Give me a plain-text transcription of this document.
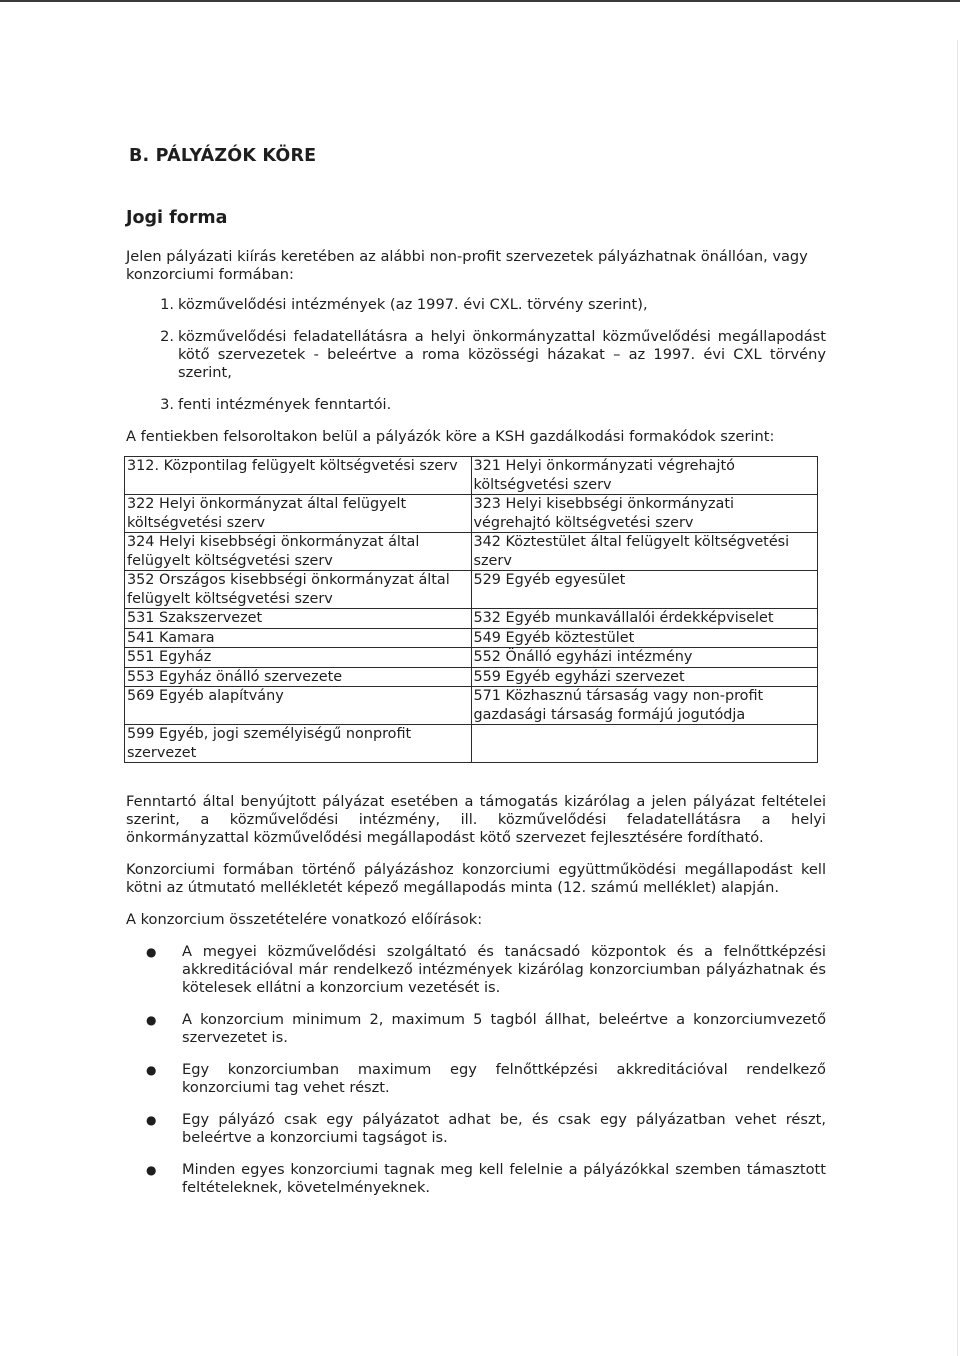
B. PÁLYÁZÓK KÖRE
Jogi forma

Jelen pályázati kiírás keretében az alábbi non-profit szervezetek pályázhatnak önállóan, vagy konzorciumi formában:

1. közművelődési intézmények (az 1997. évi CXL. törvény szerint),
2. közművelődési feladatellátásra a helyi önkormányzattal közművelődési megállapodást kötő szervezetek - beleértve a roma közösségi házakat – az 1997. évi CXL törvény szerint,
3. fenti intézmények fenntartói.

A fentiekben felsoroltakon belül a pályázók köre a KSH gazdálkodási formakódok szerint:

312. Központilag felügyelt költségvetési szerv	321 Helyi önkormányzati végrehajtó költségvetési szerv
322 Helyi önkormányzat által felügyelt költségvetési szerv	323 Helyi kisebbségi önkormányzati végrehajtó költségvetési szerv
324 Helyi kisebbségi önkormányzat által felügyelt költségvetési szerv	342 Köztestület által felügyelt költségvetési szerv
352 Országos kisebbségi önkormányzat által felügyelt költségvetési szerv	529 Egyéb egyesület
531 Szakszervezet	532 Egyéb munkavállalói érdekképviselet
541 Kamara	549 Egyéb köztestület
551 Egyház	552 Önálló egyházi intézmény
553 Egyház önálló szervezete	559 Egyéb egyházi szervezet
569 Egyéb alapítvány	571 Közhasznú társaság vagy non-profit gazdasági társaság formájú jogutódja
599 Egyéb, jogi személyiségű nonprofit szervezet	

Fenntartó által benyújtott pályázat esetében a támogatás kizárólag a jelen pályázat feltételei szerint, a közművelődési intézmény, ill. közművelődési feladatellátásra a helyi önkormányzattal közművelődési megállapodást kötő szervezet fejlesztésére fordítható.

Konzorciumi formában történő pályázáshoz konzorciumi együttműködési megállapodást kell kötni az útmutató mellékletét képező megállapodás minta (12. számú melléklet) alapján.

A konzorcium összetételére vonatkozó előírások:

●	A megyei közművelődési szolgáltató és tanácsadó központok és a felnőttképzési akkreditációval már rendelkező intézmények kizárólag konzorciumban pályázhatnak és kötelesek ellátni a konzorcium vezetését is.
●	A konzorcium minimum 2, maximum 5 tagból állhat, beleértve a konzorciumvezető szervezetet is.
●	Egy konzorciumban maximum egy felnőttképzési akkreditációval rendelkező konzorciumi tag vehet részt.
●	Egy pályázó csak egy pályázatot adhat be, és csak egy pályázatban vehet részt, beleértve a konzorciumi tagságot is.
●	Minden egyes konzorciumi tagnak meg kell felelnie a pályázókkal szemben támasztott feltételeknek, követelményeknek.
